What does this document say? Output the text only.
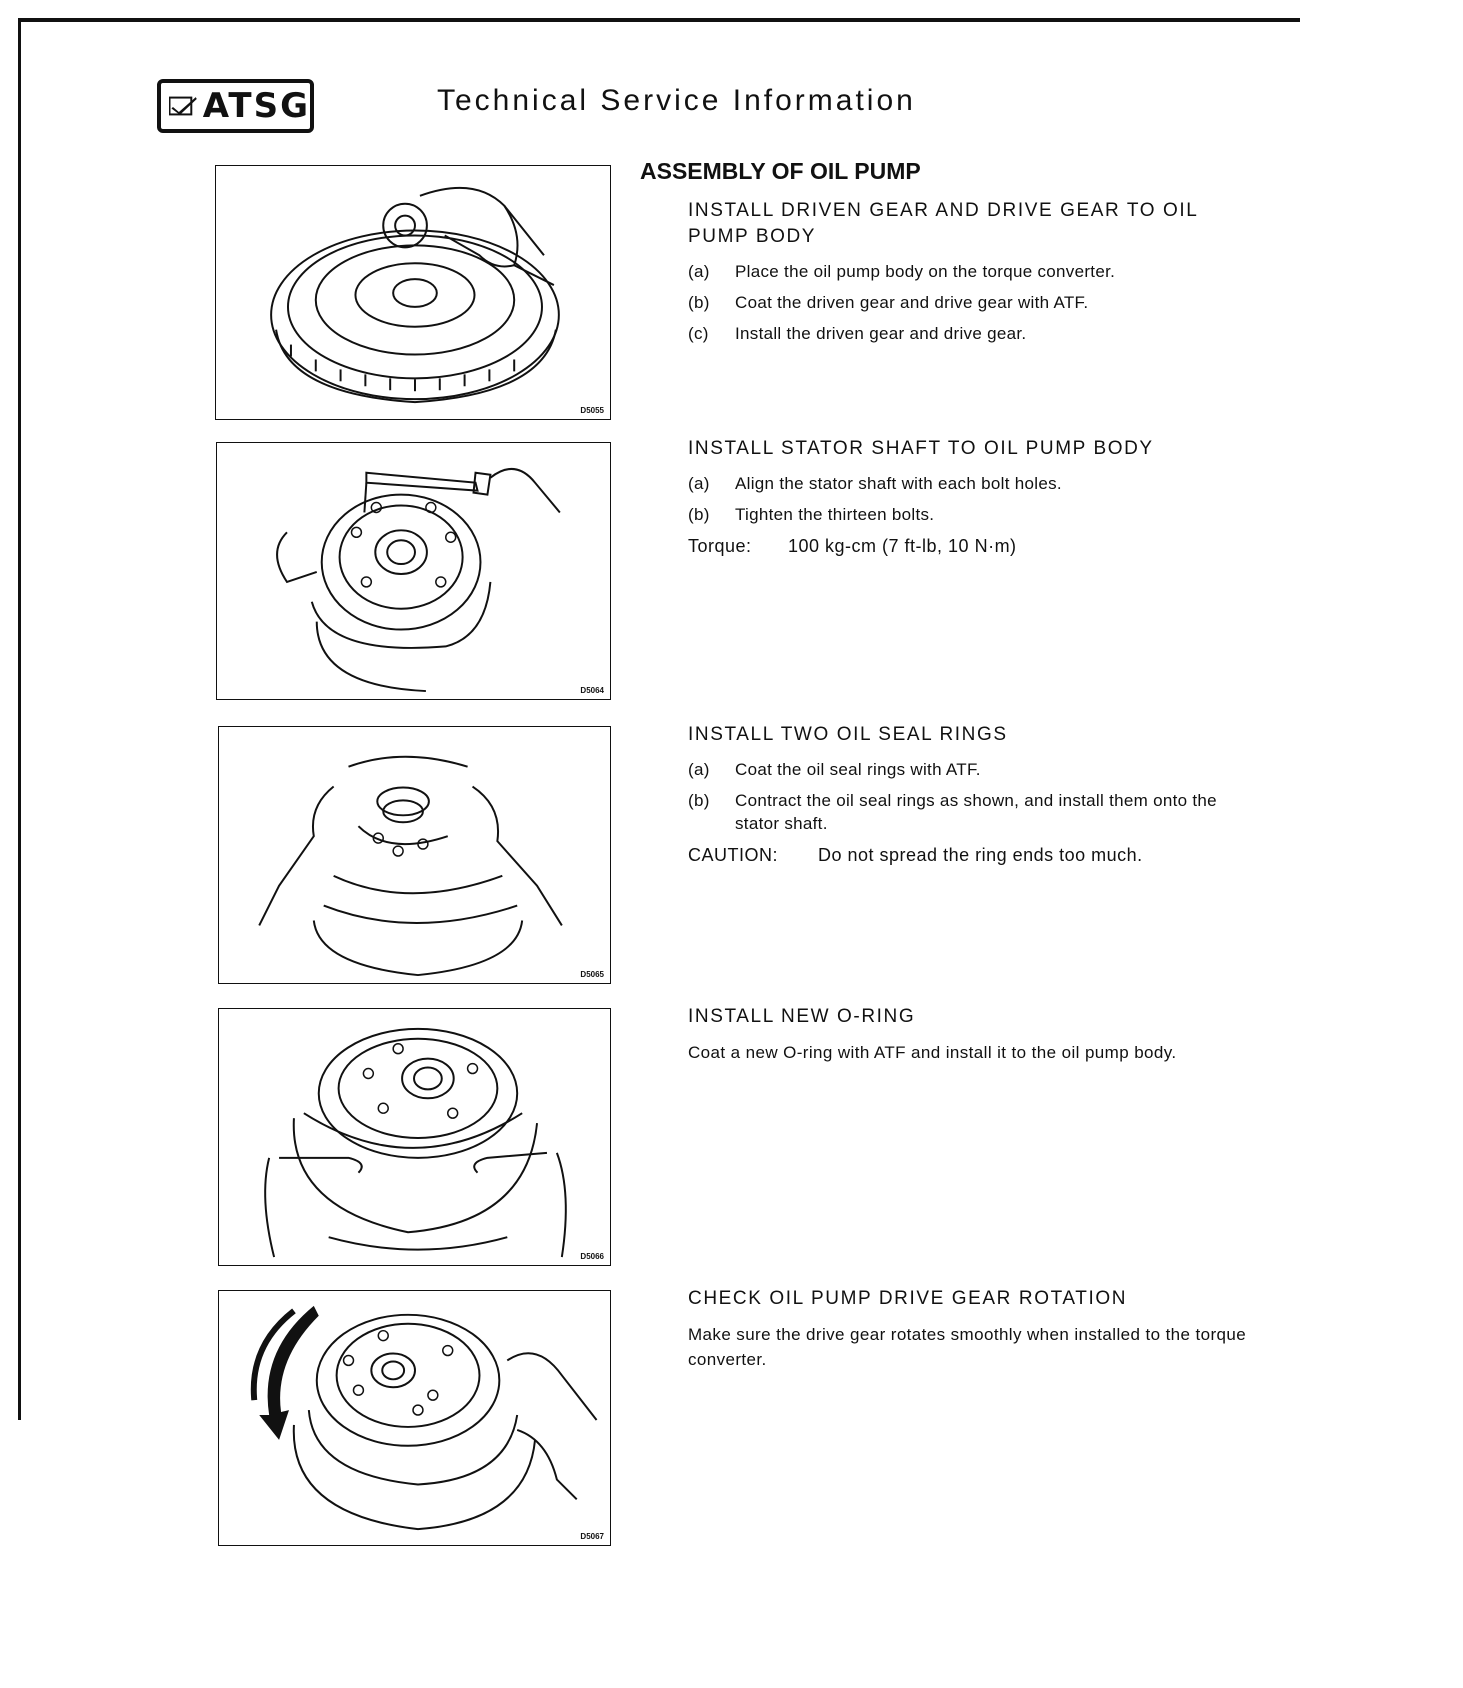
ATSG	Technical Service Information
D5055
D5064
D5065
D5066
D5067
ASSEMBLY OF OIL PUMP
INSTALL DRIVEN GEAR AND DRIVE GEAR TO OIL PUMP BODY
(a)	Place the oil pump body on the torque converter.
(b)	Coat the driven gear and drive gear with ATF.
(c)	Install the driven gear and drive gear.
INSTALL STATOR SHAFT TO OIL PUMP BODY
(a)	Align the stator shaft with each bolt holes.
(b)	Tighten the thirteen bolts.
Torque:	100 kg-cm (7 ft-lb, 10 N·m)
INSTALL TWO OIL SEAL RINGS
(a)	Coat the oil seal rings with ATF.
(b)	Contract the oil seal rings as shown, and install them onto the stator shaft.
CAUTION:	Do not spread the ring ends too much.
INSTALL NEW O-RING
Coat a new O-ring with ATF and install it to the oil pump body.
CHECK OIL PUMP DRIVE GEAR ROTATION
Make sure the drive gear rotates smoothly when installed to the torque converter.
